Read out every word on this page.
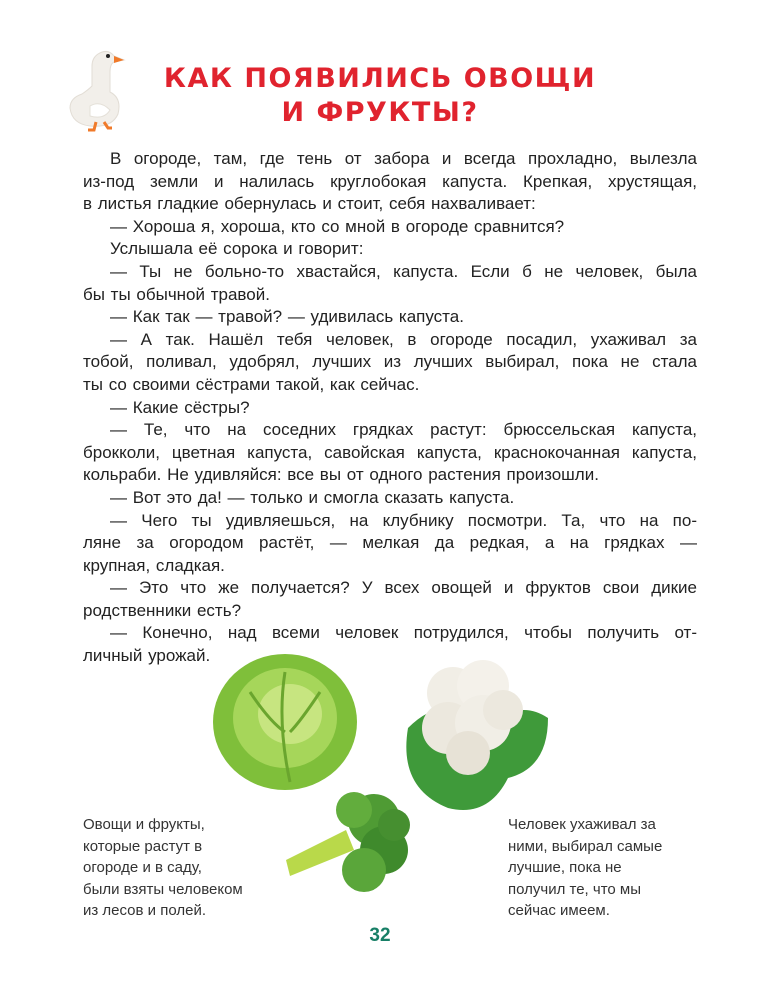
КАК ПОЯВИЛИСЬ ОВОЩИ
И ФРУКТЫ?
В огороде, там, где тень от забора и всегда прохладно, вылезла
из-под земли и налилась круглобокая капуста. Крепкая, хрустящая,
в листья гладкие обернулась и стоит, себя нахваливает:
— Хороша я, хороша, кто со мной в огороде сравнится?
Услышала её сорока и говорит:
— Ты не больно-то хвастайся, капуста. Если б не человек, была
бы ты обычной травой.
— Как так — травой? — удивилась капуста.
— А так. Нашёл тебя человек, в огороде посадил, ухаживал за
тобой, поливал, удобрял, лучших из лучших выбирал, пока не стала
ты со своими сёстрами такой, как сейчас.
— Какие сёстры?
— Те, что на соседних грядках растут: брюссельская капуста,
брокколи, цветная капуста, савойская капуста, краснокочанная капуста,
кольраби. Не удивляйся: все вы от одного растения произошли.
— Вот это да! — только и смогла сказать капуста.
— Чего ты удивляешься, на клубнику посмотри. Та, что на по-
ляне за огородом растёт, — мелкая да редкая, а на грядках —
крупная, сладкая.
— Это что же получается? У всех овощей и фруктов свои дикие
родственники есть?
— Конечно, над всеми человек потрудился, чтобы получить от-
личный урожай.
Овощи и фрукты,
которые растут в
огороде и в саду,
были взяты человеком
из лесов и полей.
Человек ухаживал за
ними, выбирал самые
лучшие, пока не
получил те, что мы
сейчас имеем.
32
